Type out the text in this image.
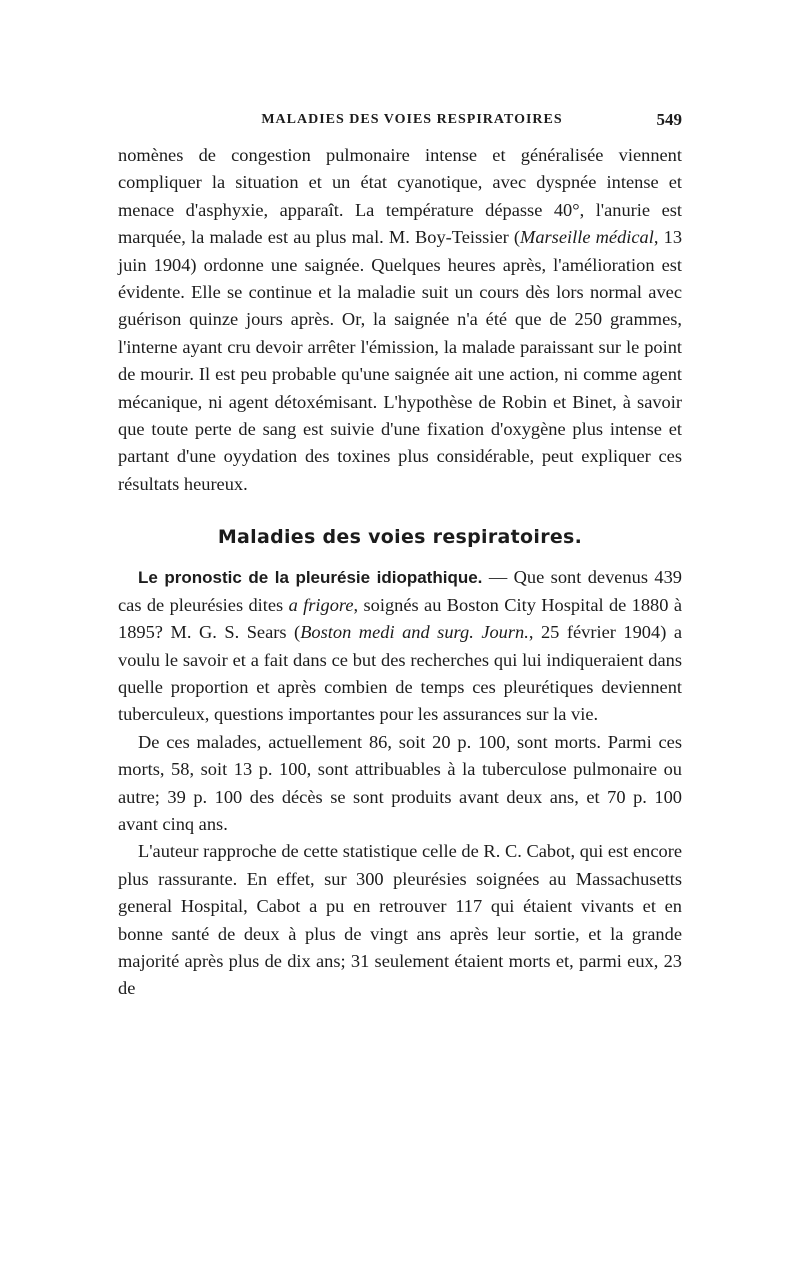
MALADIES DES VOIES RESPIRATOIRES	549

nomènes de congestion pulmonaire intense et généralisée viennent compliquer la situation et un état cyanotique, avec dyspnée intense et menace d'asphyxie, apparaît. La température dépasse 40°, l'anurie est marquée, la malade est au plus mal. M. Boy-Teissier (Marseille médical, 13 juin 1904) ordonne une saignée. Quelques heures après, l'amélioration est évidente. Elle se continue et la maladie suit un cours dès lors normal avec guérison quinze jours après. Or, la saignée n'a été que de 250 grammes, l'interne ayant cru devoir arrêter l'émission, la malade paraissant sur le point de mourir. Il est peu probable qu'une saignée ait une action, ni comme agent mécanique, ni agent détoxémisant. L'hypothèse de Robin et Binet, à savoir que toute perte de sang est suivie d'une fixation d'oxygène plus intense et partant d'une oyydation des toxines plus considérable, peut expliquer ces résultats heureux.

Maladies des voies respiratoires.

Le pronostic de la pleurésie idiopathique. — Que sont devenus 439 cas de pleurésies dites a frigore, soignés au Boston City Hospital de 1880 à 1895? M. G. S. Sears (Boston medi and surg. Journ., 25 février 1904) a voulu le savoir et a fait dans ce but des recherches qui lui indiqueraient dans quelle proportion et après combien de temps ces pleurétiques deviennent tuberculeux, questions importantes pour les assurances sur la vie.

De ces malades, actuellement 86, soit 20 p. 100, sont morts. Parmi ces morts, 58, soit 13 p. 100, sont attribuables à la tuberculose pulmonaire ou autre; 39 p. 100 des décès se sont produits avant deux ans, et 70 p. 100 avant cinq ans.

L'auteur rapproche de cette statistique celle de R. C. Cabot, qui est encore plus rassurante. En effet, sur 300 pleurésies soignées au Massachusetts general Hospital, Cabot a pu en retrouver 117 qui étaient vivants et en bonne santé de deux à plus de vingt ans après leur sortie, et la grande majorité après plus de dix ans; 31 seulement étaient morts et, parmi eux, 23 de
